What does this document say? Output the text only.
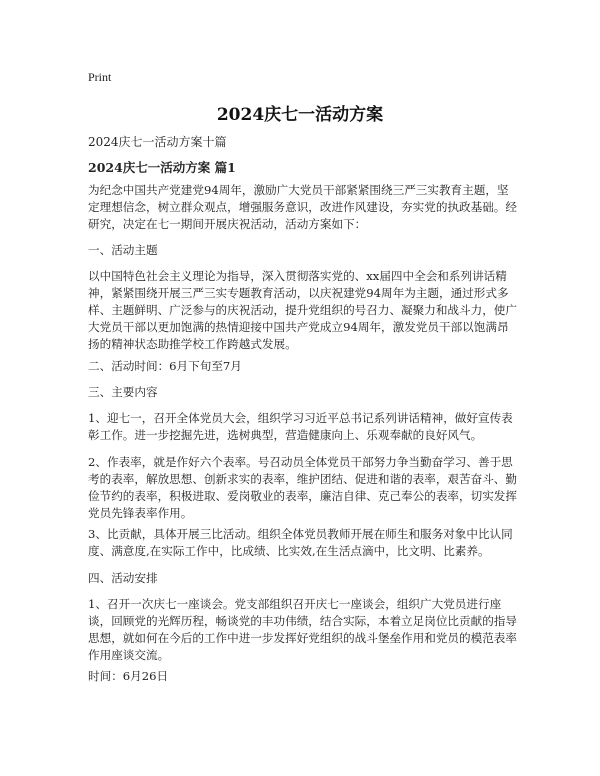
Print
2024庆七一活动方案
2024庆七一活动方案十篇
2024庆七一活动方案 篇1

为纪念中国共产党建党94周年，激励广大党员干部紧紧围绕三严三实教育主题，坚定理想信念，树立群众观点，增强服务意识，改进作风建设，夯实党的执政基础。经研究，决定在七一期间开展庆祝活动，活动方案如下：

一、活动主题

以中国特色社会主义理论为指导，深入贯彻落实党的、xx届四中全会和系列讲话精神，紧紧围绕开展三严三实专题教育活动，以庆祝建党94周年为主题，通过形式多样、主题鲜明、广泛参与的庆祝活动，提升党组织的号召力、凝聚力和战斗力，使广大党员干部以更加饱满的热情迎接中国共产党成立94周年，激发党员干部以饱满昂扬的精神状态助推学校工作跨越式发展。

二、活动时间：6月下旬至7月

三、主要内容

1、迎七一，召开全体党员大会，组织学习习近平总书记系列讲话精神，做好宣传表彰工作。进一步挖掘先进，选树典型，营造健康向上、乐观奉献的良好风气。

2、作表率，就是作好六个表率。号召动员全体党员干部努力争当勤奋学习、善于思考的表率，解放思想、创新求实的表率，维护团结、促进和谐的表率，艰苦奋斗、勤俭节约的表率，积极进取、爱岗敬业的表率，廉洁自律、克己奉公的表率，切实发挥党员先锋表率作用。

3、比贡献，具体开展三比活动。组织全体党员教师开展在师生和服务对象中比认同度、满意度,在实际工作中，比成绩、比实效,在生活点滴中，比文明、比素养。

四、活动安排

1、召开一次庆七一座谈会。党支部组织召开庆七一座谈会，组织广大党员进行座谈，回顾党的光辉历程，畅谈党的丰功伟绩，结合实际，本着立足岗位比贡献的指导思想，就如何在今后的工作中进一步发挥好党组织的战斗堡垒作用和党员的模范表率作用座谈交流。

时间：6月26日
